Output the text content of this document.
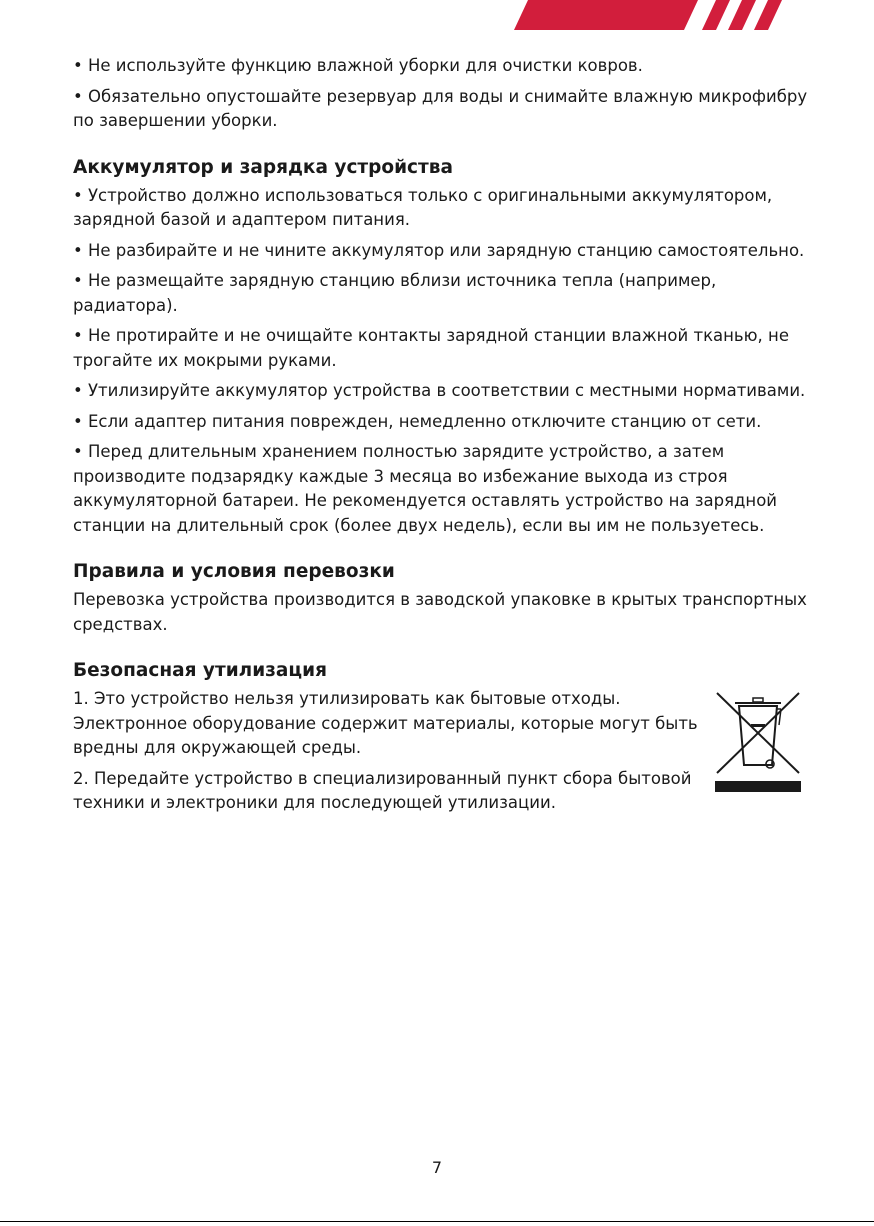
• Не используйте функцию влажной уборки для очистки ковров.

• Обязательно опустошайте резервуар для воды и снимайте влажную микрофибру по завершении уборки.

Аккумулятор и зарядка устройства

• Устройство должно использоваться только с оригинальными аккумулятором, зарядной базой и адаптером питания.

• Не разбирайте и не чините аккумулятор или зарядную станцию самостоятельно.

• Не размещайте зарядную станцию вблизи источника тепла (например, радиатора).

• Не протирайте и не очищайте контакты зарядной станции влажной тканью, не трогайте их мокрыми руками.

• Утилизируйте аккумулятор устройства в соответствии с местными нормативами.

• Если адаптер питания поврежден, немедленно отключите станцию от сети.

• Перед длительным хранением полностью зарядите устройство, а затем производите подзарядку каждые 3 месяца во избежание выхода из строя аккумуляторной батареи. Не рекомендуется оставлять устройство на зарядной станции на длительный срок (более двух недель), если вы им не пользуетесь.

Правила и условия перевозки

Перевозка устройства производится в заводской упаковке в крытых транспортных средствах.

Безопасная утилизация

1. Это устройство нельзя утилизировать как бытовые отходы. Электронное оборудование содержит материалы, которые могут быть вредны для окружающей среды.

2. Передайте устройство в специализированный пункт сбора бытовой техники и электроники для последующей утилизации.

7
